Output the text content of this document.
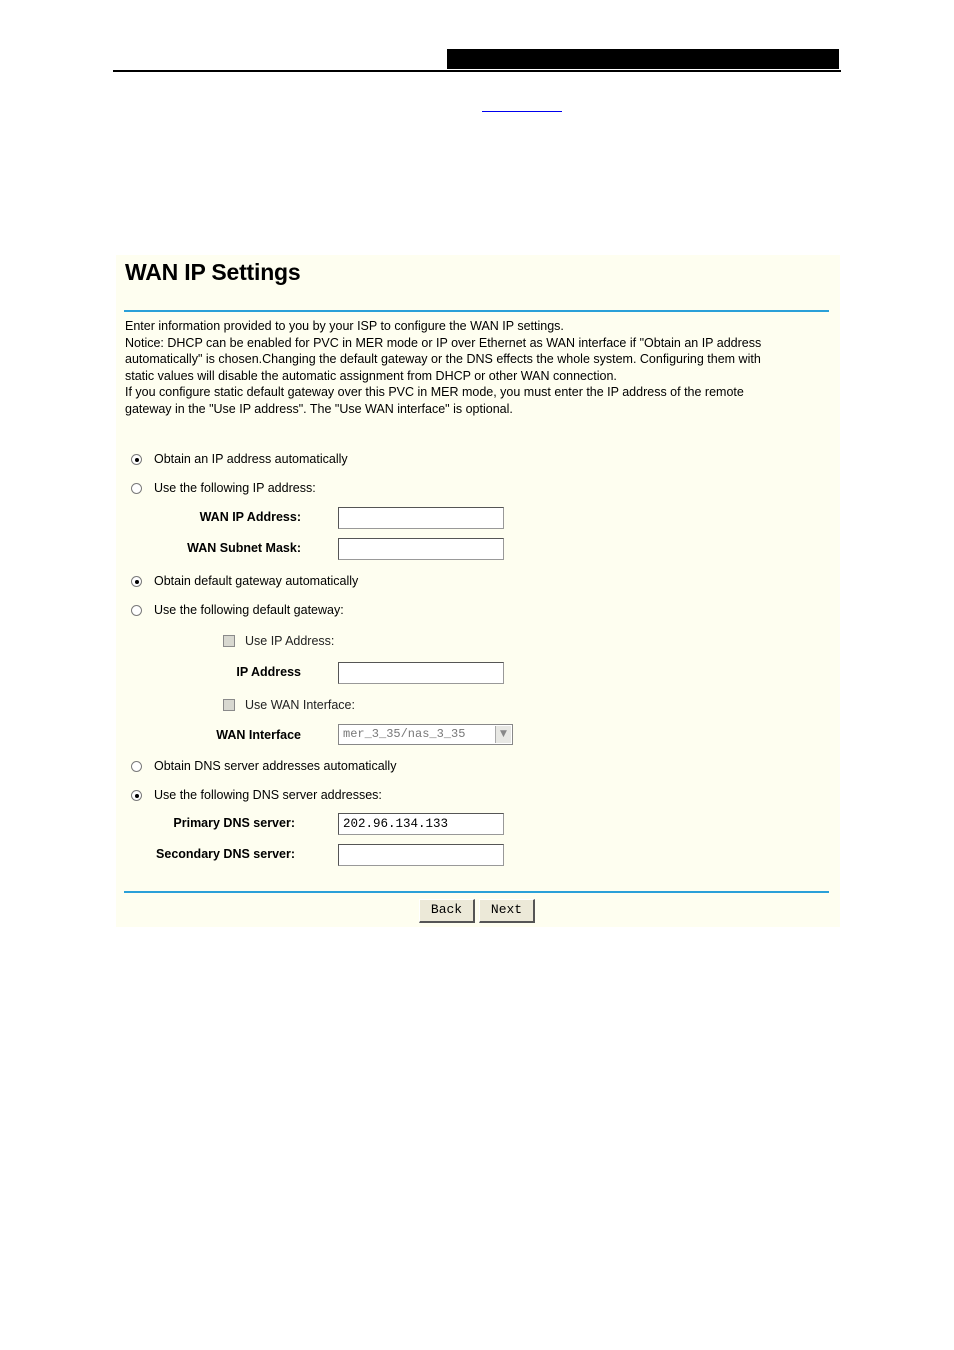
WAN IP Settings
Enter information provided to you by your ISP to configure the WAN IP settings.
Notice: DHCP can be enabled for PVC in MER mode or IP over Ethernet as WAN interface if "Obtain an IP address
automatically" is chosen.Changing the default gateway or the DNS effects the whole system. Configuring them with
static values will disable the automatic assignment from DHCP or other WAN connection.
If you configure static default gateway over this PVC in MER mode, you must enter the IP address of the remote
gateway in the "Use IP address". The "Use WAN interface" is optional.
Obtain an IP address automatically
Use the following IP address:
WAN IP Address:
WAN Subnet Mask:
Obtain default gateway automatically
Use the following default gateway:
Use IP Address:
IP Address
Use WAN Interface:
WAN Interface	mer_3_35/nas_3_35	▼
Obtain DNS server addresses automatically
Use the following DNS server addresses:
Primary DNS server:	202.96.134.133
Secondary DNS server:
Back	Next
